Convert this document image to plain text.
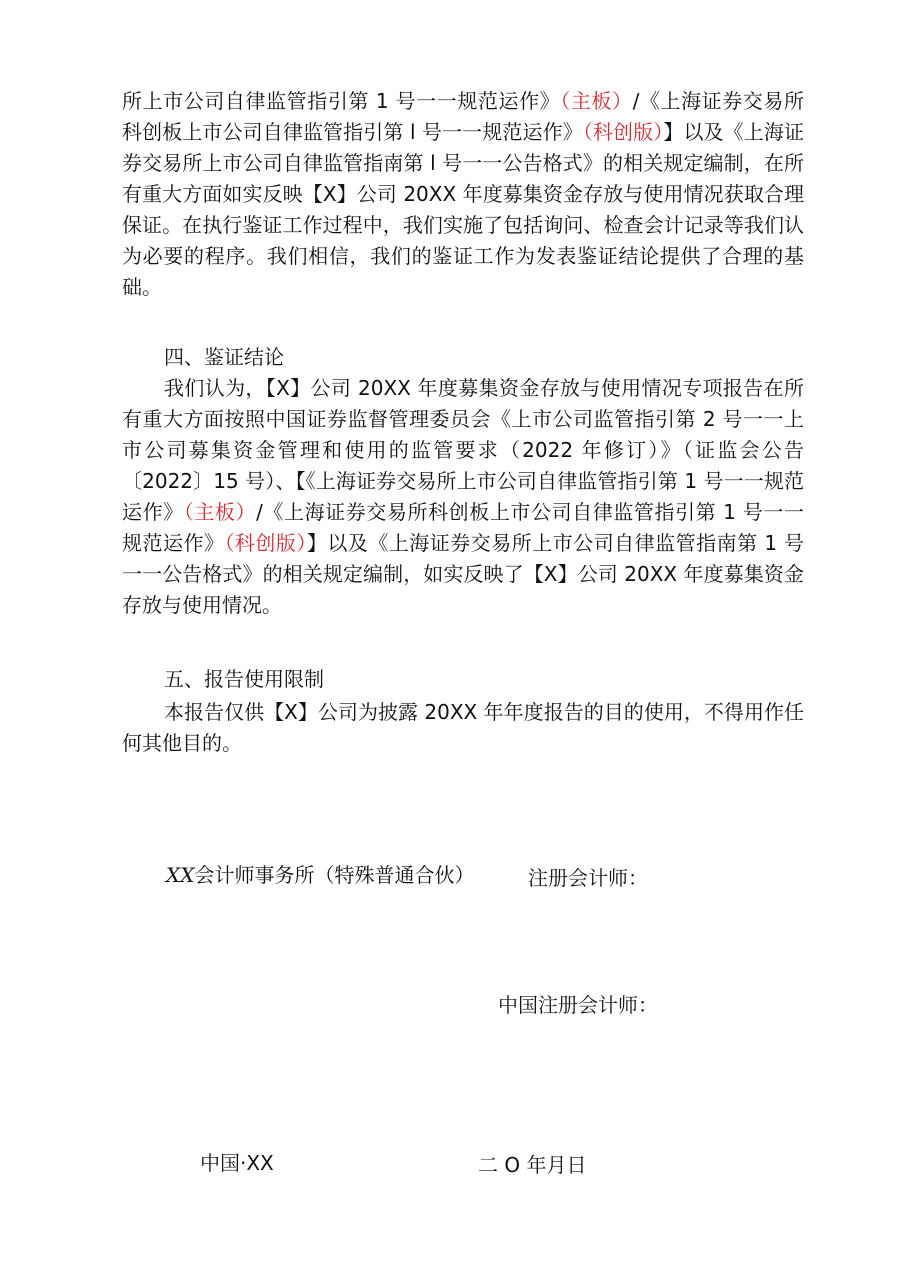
所上市公司自律监管指引第 1 号一一规范运作》（主板）/《上海证券交易所科创板上市公司自律监管指引第 l 号一一规范运作》（科创版）】以及《上海证券交易所上市公司自律监管指南第 l 号一一公告格式》的相关规定编制，在所有重大方面如实反映【X】公司 20XX 年度募集资金存放与使用情况获取合理保证。在执行鉴证工作过程中，我们实施了包括询问、检查会计记录等我们认为必要的程序。我们相信，我们的鉴证工作为发表鉴证结论提供了合理的基础。

四、鉴证结论

我们认为，【X】公司 20XX 年度募集资金存放与使用情况专项报告在所有重大方面按照中国证券监督管理委员会《上市公司监管指引第 2 号一一上市公司募集资金管理和使用的监管要求（2022 年修订）》（证监会公告〔2022〕15 号）、【《上海证券交易所上市公司自律监管指引第 1 号一一规范运作》（主板）/《上海证券交易所科创板上市公司自律监管指引第 1 号一一规范运作》（科创版）】以及《上海证券交易所上市公司自律监管指南第 1 号一一公告格式》的相关规定编制，如实反映了【X】公司 20XX 年度募集资金存放与使用情况。

五、报告使用限制

本报告仅供【X】公司为披露 20XX 年年度报告的目的使用，不得用作任何其他目的。

XX会计师事务所（特殊普通合伙）	注册会计师：

中国注册会计师：

中国·XX	二 O 年月日
